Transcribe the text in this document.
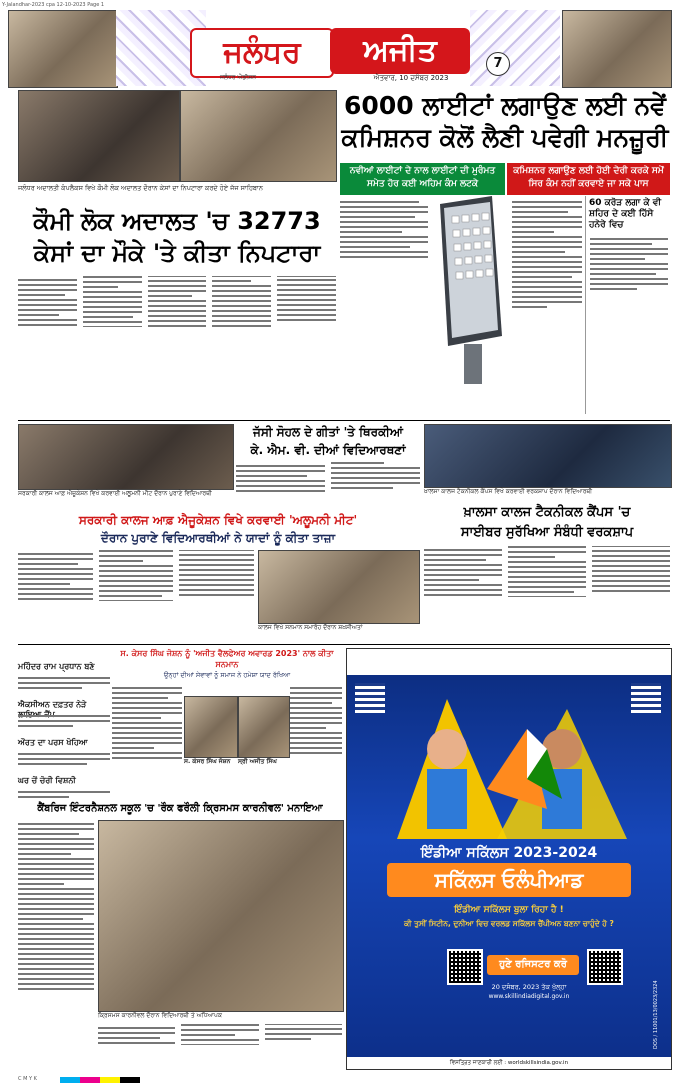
Y-Jalandhar-2023 cpa 12-10-2023 Page 1
ਜਲੰਧਰ	ਅਜੀਤ
ਜਲੰਧਰ ਐਡੀਸ਼ਨ	ਐਤਵਾਰ, 10 ਦਸੰਬਰ 2023
7
ਜਲੰਧਰ ਅਦਾਲਤੀ ਕੰਪਲੈਕਸ ਵਿਖੇ ਕੌਮੀ ਲੋਕ ਅਦਾਲਤ ਦੌਰਾਨ ਕੇਸਾਂ ਦਾ ਨਿਪਟਾਰਾ ਕਰਦੇ ਹੋਏ ਜੱਜ ਸਾਹਿਬਾਨ
6000 ਲਾਈਟਾਂ ਲਗਾਉਣ ਲਈ ਨਵੇਂ
ਕਮਿਸ਼ਨਰ ਕੋਲੋਂ ਲੈਣੀ ਪਵੇਗੀ ਮਨਜ਼ੂਰੀ
ਨਵੀਆਂ ਲਾਈਟਾਂ ਦੇ ਨਾਲ ਲਾਈਟਾਂ ਦੀ ਮੁਰੰਮਤ ਸਮੇਤ ਹੋਰ ਕਈ ਅਹਿਮ ਕੰਮ ਲਟਕੇ
ਕਮਿਸ਼ਨਰ ਲਗਾਉਣ ਲਈ ਹੋਈ ਦੇਰੀ ਕਰਕੇ ਸਮੇਂ ਸਿਰ ਕੰਮ ਨਹੀਂ ਕਰਵਾਏ ਜਾ ਸਕੇ ਪਾਸ
60 ਕਰੋੜ ਲਗਾ ਕੇ ਵੀ ਸ਼ਹਿਰ ਦੇ ਕਈ ਹਿੱਸੇ ਹਨੇਰੇ ਵਿਚ
ਕੌਮੀ ਲੋਕ ਅਦਾਲਤ 'ਚ 32773
ਕੇਸਾਂ ਦਾ ਮੌਕੇ 'ਤੇ ਕੀਤਾ ਨਿਪਟਾਰਾ
ਸਰਕਾਰੀ ਕਾਲਜ ਆਫ਼ ਐਜੂਕੇਸ਼ਨ ਵਿਖੇ ਕਰਵਾਈ ਅਲੂਮਨੀ ਮੀਟ ਦੌਰਾਨ ਪੁਰਾਣੇ ਵਿਦਿਆਰਥੀ
ਜੱਸੀ ਸੋਹਲ ਦੇ ਗੀਤਾਂ 'ਤੇ ਥਿਰਕੀਆਂ
ਕੇ. ਐਮ. ਵੀ. ਦੀਆਂ ਵਿਦਿਆਰਥਣਾਂ
ਖ਼ਾਲਸਾ ਕਾਲਜ ਟੈਕਨੀਕਲ ਕੈਂਪਸ ਵਿਖੇ ਕਰਵਾਈ ਵਰਕਸ਼ਾਪ ਦੌਰਾਨ ਵਿਦਿਆਰਥੀ
ਸਰਕਾਰੀ ਕਾਲਜ ਆਫ਼ ਐਜੂਕੇਸ਼ਨ ਵਿਖੇ ਕਰਵਾਈ 'ਅਲੂਮਨੀ ਮੀਟ'
ਦੌਰਾਨ ਪੁਰਾਣੇ ਵਿਦਿਆਰਥੀਆਂ ਨੇ ਯਾਦਾਂ ਨੂੰ ਕੀਤਾ ਤਾਜ਼ਾ
ਖ਼ਾਲਸਾ ਕਾਲਜ ਟੈਕਨੀਕਲ ਕੈਂਪਸ 'ਚ
ਸਾਈਬਰ ਸੁਰੱਖਿਆ ਸੰਬੰਧੀ ਵਰਕਸ਼ਾਪ
ਕਾਲਜ ਵਿਖੇ ਸਨਮਾਨ ਸਮਾਰੋਹ ਦੌਰਾਨ ਸ਼ਖ਼ਸੀਅਤਾਂ
ਮਹਿੰਦਰ ਰਾਮ ਪ੍ਰਧਾਨ ਬਣੇ
ਐਕਸੀਅਨ ਦਫ਼ਤਰ ਨੇੜੇ
ਔਰਤ ਦਾ ਪਰਸ ਖੋਹਿਆ
ਘਰ ਚੋਂ ਚੋਰੀ ਵਿਸ਼ਨੀ
ਸ. ਕੇਸਰ ਸਿੰਘ ਜੋਸ਼ਨ ਨੂੰ 'ਅਜੀਤ ਵੈਲਫੇਅਰ ਅਵਾਰਡ 2023' ਨਾਲ ਕੀਤਾ ਸਨਮਾਨ
ਉਨ੍ਹਾਂ ਦੀਆਂ ਸੇਵਾਵਾਂ ਨੂੰ ਸਮਾਜ ਨੇ ਹਮੇਸ਼ਾ ਯਾਦ ਰੱਖਿਆ
ਸ. ਕੇਸਰ ਸਿੰਘ ਜੋਸ਼ਨ	ਸ੍ਰੀ ਅਜੀਤ ਸਿੰਘ
ਕੈਂਬਰਿਜ ਇੰਟਰਨੈਸ਼ਨਲ ਸਕੂਲ 'ਚ 'ਰੌਕ ਫਰੌਲੀ ਕ੍ਰਿਸਮਸ ਕਾਰਨੀਵਲ' ਮਨਾਇਆ
ਕ੍ਰਿਸਮਸ ਕਾਰਨੀਵਲ ਦੌਰਾਨ ਵਿਦਿਆਰਥੀ ਤੇ ਅਧਿਆਪਕ
ਇੰਡੀਆ ਸਕਿੱਲਸ 2023-2024
ਸਕਿੱਲਸ ਓਲੰਪੀਆਡ
ਇੰਡੀਆ ਸਕਿੱਲਸ ਬੁਲਾ ਰਿਹਾ ਹੈ !
ਕੀ ਤੁਸੀਂ ਸਿਟੀਨ, ਦੁਨੀਆ ਵਿਚ ਵਰਲਡ ਸਕਿੱਲਸ ਚੈਂਪੀਅਨ ਬਣਨਾ ਚਾਹੁੰਦੇ ਹੋ ?
ਹੁਣੇ ਰਜਿਸਟਰ ਕਰੋ
20 ਦਸੰਬਰ, 2023 ਤੱਕ ਖੁੱਲ੍ਹਾ
www.skillindiadigital.gov.in
ਵਿਸਤ੍ਰਿਤ ਜਾਣਕਾਰੀ ਲਈ : worldskillsindia.gov.in
DOS / 11001/13/0023/2324
C M Y K
